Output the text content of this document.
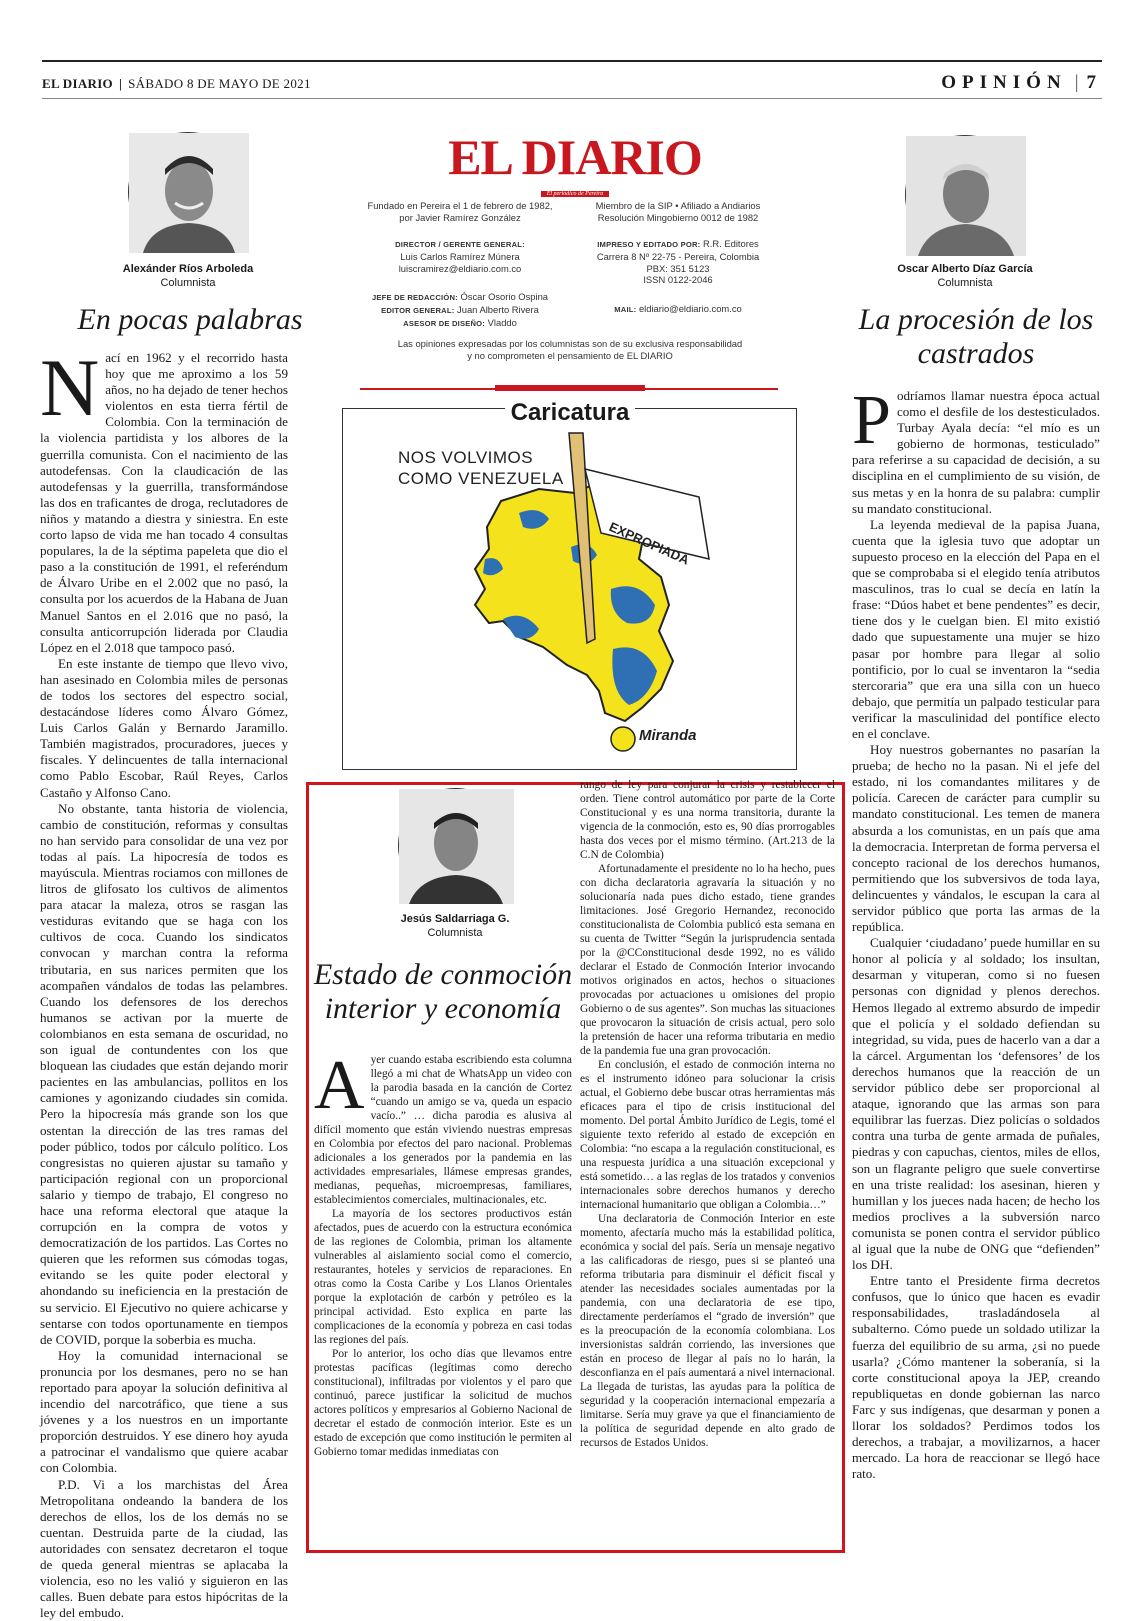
EL DIARIO | SÁBADO 8 DE MAYO DE 2021	OPINIÓN | 7
Alexánder Ríos Arboleda
Columnista
En pocas palabras

Nací en 1962 y el recorrido hasta hoy que me aproximo a los 59 años, no ha dejado de tener hechos violentos en esta tierra fértil de Colombia. Con la terminación de la violencia partidista y los albores de la guerrilla comunista. Con el nacimiento de las autodefensas. Con la claudicación de las autodefensas y la guerrilla, transformándose las dos en traficantes de droga, reclutadores de niños y matando a diestra y siniestra. En este corto lapso de vida me han tocado 4 consultas populares, la de la séptima papeleta que dio el paso a la constitución de 1991, el referéndum de Álvaro Uribe en el 2.002 que no pasó, la consulta por los acuerdos de la Habana de Juan Manuel Santos en el 2.016 que no pasó, la consulta anticorrupción liderada por Claudia López en el 2.018 que tampoco pasó.

En este instante de tiempo que llevo vivo, han asesinado en Colombia miles de personas de todos los sectores del espectro social, destacándose líderes como Álvaro Gómez, Luis Carlos Galán y Bernardo Jaramillo. También magistrados, procuradores, jueces y fiscales. Y delincuentes de talla internacional como Pablo Escobar, Raúl Reyes, Carlos Castaño y Alfonso Cano.

No obstante, tanta historia de violencia, cambio de constitución, reformas y consultas no han servido para consolidar de una vez por todas al país. La hipocresía de todos es mayúscula. Mientras rociamos con millones de litros de glifosato los cultivos de alimentos para atacar la maleza, otros se rasgan las vestiduras evitando que se haga con los cultivos de coca. Cuando los sindicatos convocan y marchan contra la reforma tributaria, en sus narices permiten que los acompañen vándalos de todas las pelambres. Cuando los defensores de los derechos humanos se activan por la muerte de colombianos en esta semana de oscuridad, no son igual de contundentes con los que bloquean las ciudades que están dejando morir pacientes en las ambulancias, pollitos en los camiones y agonizando ciudades sin comida. Pero la hipocresía más grande son los que ostentan la dirección de las tres ramas del poder público, todos por cálculo político. Los congresistas no quieren ajustar su tamaño y participación regional con un proporcional salario y tiempo de trabajo, El congreso no hace una reforma electoral que ataque la corrupción en la compra de votos y democratización de los partidos. Las Cortes no quieren que les reformen sus cómodas togas, evitando se les quite poder electoral y ahondando su ineficiencia en la prestación de su servicio. El Ejecutivo no quiere achicarse y sentarse con todos oportunamente en tiempos de COVID, porque la soberbia es mucha.

Hoy la comunidad internacional se pronuncia por los desmanes, pero no se han reportado para apoyar la solución definitiva al incendio del narcotráfico, que tiene a sus jóvenes y a los nuestros en un importante proporción destruidos. Y ese dinero hoy ayuda a patrocinar el vandalismo que quiere acabar con Colombia.

P.D. Vi a los marchistas del Área Metropolitana ondeando la bandera de los derechos de ellos, los de los demás no se cuentan. Destruida parte de la ciudad, las autoridades con sensatez decretaron el toque de queda general mientras se aplacaba la violencia, eso no les valió y siguieron en las calles. Buen debate para estos hipócritas de la ley del embudo.

EL DIARIO
El periódico de Pereira
Fundado en Pereira el 1 de febrero de 1982,
por Javier Ramírez González
Miembro de la SIP • Afiliado a Andiarios
Resolución Mingobierno 0012 de 1982
DIRECTOR / GERENTE GENERAL:
Luis Carlos Ramírez Múnera
luiscramirez@eldiario.com.co
IMPRESO Y EDITADO POR: R.R. Editores
Carrera 8 Nº 22-75 - Pereira, Colombia
PBX: 351 5123
ISSN 0122-2046
JEFE DE REDACCIÓN: Óscar Osorio Ospina
EDITOR GENERAL: Juan Alberto Rivera
ASESOR DE DISEÑO: Vladdo
MAIL: eldiario@eldiario.com.co
Las opiniones expresadas por los columnistas son de su exclusiva responsabilidad
y no comprometen el pensamiento de EL DIARIO
EXPROPIADA
Miranda
Caricatura
NOS VOLVIMOS
COMO VENEZUELA
Oscar Alberto Díaz García
Columnista
La procesión de los
castrados

Podríamos llamar nuestra época actual como el desfile de los destesticulados. Turbay Ayala decía: “el mío es un gobierno de hormonas, testiculado” para referirse a su capacidad de decisión, a su disciplina en el cumplimiento de su visión, de sus metas y en la honra de su palabra: cumplir su mandato constitucional.

La leyenda medieval de la papisa Juana, cuenta que la iglesia tuvo que adoptar un supuesto proceso en la elección del Papa en el que se comprobaba si el elegido tenía atributos masculinos, tras lo cual se decía en latín la frase: “Dúos habet et bene pendentes” es decir, tiene dos y le cuelgan bien. El mito existió dado que supuestamente una mujer se hizo pasar por hombre para llegar al solio pontificio, por lo cual se inventaron la “sedia stercoraria” que era una silla con un hueco debajo, que permitía un palpado testicular para verificar la masculinidad del pontífice electo en el conclave.

Hoy nuestros gobernantes no pasarían la prueba; de hecho no la pasan. Ni el jefe del estado, ni los comandantes militares y de policía. Carecen de carácter para cumplir su mandato constitucional. Les temen de manera absurda a los comunistas, en un país que ama la democracia. Interpretan de forma perversa el concepto racional de los derechos humanos, permitiendo que los subversivos de toda laya, delincuentes y vándalos, le escupan la cara al servidor público que porta las armas de la república.

Cualquier ‘ciudadano’ puede humillar en su honor al policía y al soldado; los insultan, desarman y vituperan, como si no fuesen personas con dignidad y plenos derechos. Hemos llegado al extremo absurdo de impedir que el policía y el soldado defiendan su integridad, su vida, pues de hacerlo van a dar a la cárcel. Argumentan los ‘defensores’ de los derechos humanos que la reacción de un servidor público debe ser proporcional al ataque, ignorando que las armas son para equilibrar las fuerzas. Diez policías o soldados contra una turba de gente armada de puñales, piedras y con capuchas, cientos, miles de ellos, son un flagrante peligro que suele convertirse en una triste realidad: los asesinan, hieren y humillan y los jueces nada hacen; de hecho los medios proclives a la subversión narco comunista se ponen contra el servidor público al igual que la nube de ONG que “defienden” los DH.

Entre tanto el Presidente firma decretos confusos, que lo único que hacen es evadir responsabilidades, trasladándosela al subalterno. Cómo puede un soldado utilizar la fuerza del equilibrio de su arma, ¿si no puede usarla? ¿Cómo mantener la soberanía, si la corte constitucional apoya la JEP, creando republiquetas en donde gobiernan las narco Farc y sus indígenas, que desarman y ponen a llorar los soldados? Perdimos todos los derechos, a trabajar, a movilizarnos, a hacer mercado. La hora de reaccionar se llegó hace rato.

Jesús Saldarriaga G.
Columnista
Estado de conmoción
interior y economía

Ayer cuando estaba escribiendo esta columna llegó a mi chat de WhatsApp un video con la parodia basada en la canción de Cortez “cuando un amigo se va, queda un espacio vacío..” … dicha parodia es alusiva al difícil momento que están viviendo nuestras empresas en Colombia por efectos del paro nacional. Problemas adicionales a los generados por la pandemia en las actividades empresariales, llámese empresas grandes, medianas, pequeñas, microempresas, familiares, establecimientos comerciales, multinacionales, etc.

La mayoría de los sectores productivos están afectados, pues de acuerdo con la estructura económica de las regiones de Colombia, priman los altamente vulnerables al aislamiento social como el comercio, restaurantes, hoteles y servicios de reparaciones. En otras como la Costa Caribe y Los Llanos Orientales porque la explotación de carbón y petróleo es la principal actividad. Esto explica en parte las complicaciones de la economía y pobreza en casi todas las regiones del país.

Por lo anterior, los ocho días que llevamos entre protestas pacíficas (legítimas como derecho constitucional), infiltradas por violentos y el paro que continuó, parece justificar la solicitud de muchos actores políticos y empresarios al Gobierno Nacional de decretar el estado de conmoción interior. Este es un estado de excepción que como institución le permiten al Gobierno tomar medidas inmediatas con

rango de ley para conjurar la crisis y restablecer el orden. Tiene control automático por parte de la Corte Constitucional y es una norma transitoria, durante la vigencia de la conmoción, esto es, 90 días prorrogables hasta dos veces por el mismo término. (Art.213 de la C.N de Colombia)

Afortunadamente el presidente no lo ha hecho, pues con dicha declaratoria agravaría la situación y no solucionaría nada pues dicho estado, tiene grandes limitaciones. José Gregorio Hernandez, reconocido constitucionalista de Colombia publicó esta semana en su cuenta de Twitter “Según la jurisprudencia sentada por la @CConstitucional desde 1992, no es válido declarar el Estado de Conmoción Interior invocando motivos originados en actos, hechos o situaciones provocadas por actuaciones u omisiones del propio Gobierno o de sus agentes”. Son muchas las situaciones que provocaron la situación de crisis actual, pero solo la pretensión de hacer una reforma tributaria en medio de la pandemia fue una gran provocación.

En conclusión, el estado de conmoción interna no es el instrumento idóneo para solucionar la crisis actual, el Gobierno debe buscar otras herramientas más eficaces para el tipo de crisis institucional del momento. Del portal Ámbito Jurídico de Legis, tomé el siguiente texto referido al estado de excepción en Colombia: “no escapa a la regulación constitucional, es una respuesta jurídica a una situación excepcional y está sometido… a las reglas de los tratados y convenios internacionales sobre derechos humanos y derecho internacional humanitario que obligan a Colombia…”

Una declaratoria de Conmoción Interior en este momento, afectaría mucho más la estabilidad política, económica y social del país. Sería un mensaje negativo a las calificadoras de riesgo, pues si se planteó una reforma tributaria para disminuir el déficit fiscal y atender las necesidades sociales aumentadas por la pandemia, con una declaratoria de ese tipo, directamente perderíamos el “grado de inversión” que es la preocupación de la economía colombiana. Los inversionistas saldrán corriendo, las inversiones que están en proceso de llegar al país no lo harán, la desconfianza en el país aumentará a nivel internacional. La llegada de turistas, las ayudas para la política de seguridad y la cooperación internacional empezaría a limitarse. Sería muy grave ya que el financiamiento de la política de seguridad depende en alto grado de recursos de Estados Unidos.
